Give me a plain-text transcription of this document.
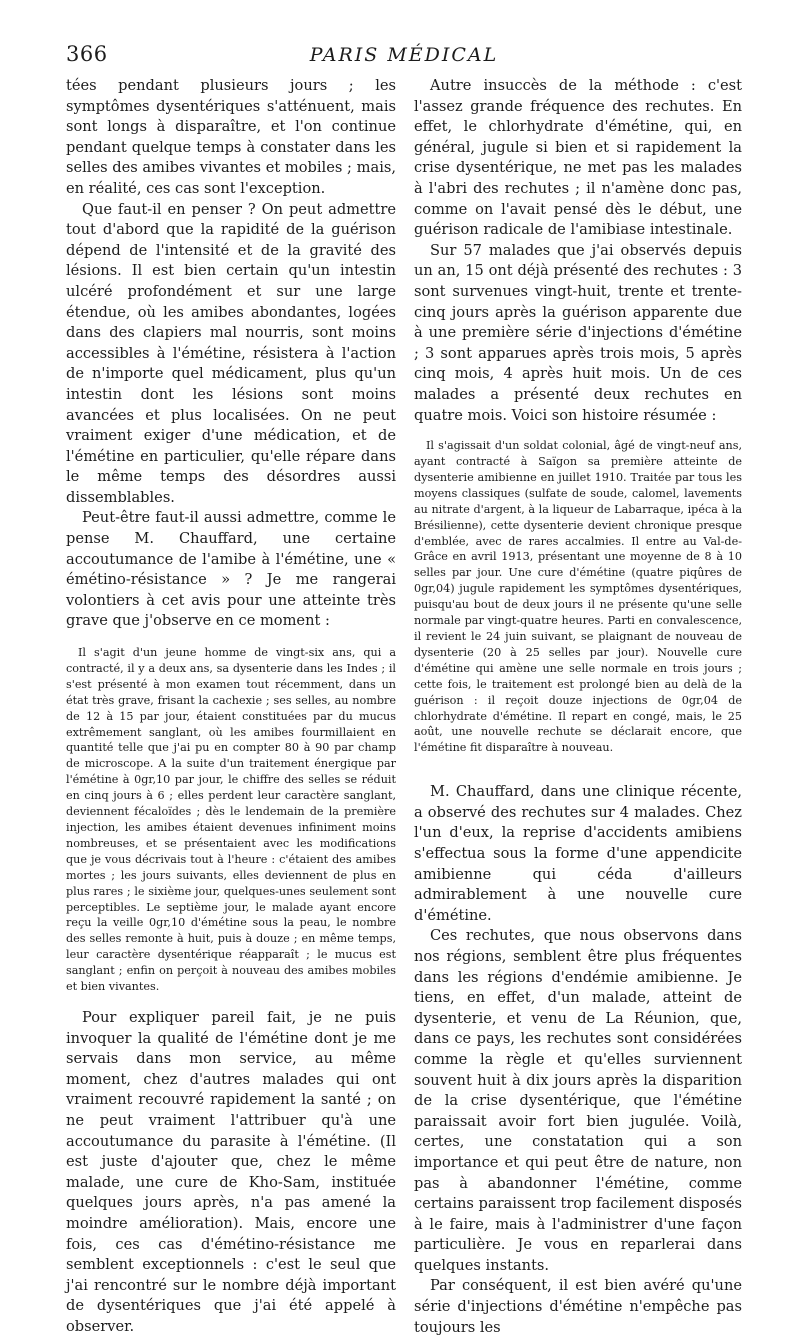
366	PARIS MÉDICAL

tées pendant plusieurs jours ; les symptômes dysentériques s'atténuent, mais sont longs à disparaître, et l'on continue pendant quelque temps à constater dans les selles des amibes vivantes et mobiles ; mais, en réalité, ces cas sont l'exception.

Que faut-il en penser ? On peut admettre tout d'abord que la rapidité de la guérison dépend de l'intensité et de la gravité des lésions. Il est bien certain qu'un intestin ulcéré profondément et sur une large étendue, où les amibes abondantes, logées dans des clapiers mal nourris, sont moins accessibles à l'émétine, résistera à l'action de n'importe quel médicament, plus qu'un intestin dont les lésions sont moins avancées et plus localisées. On ne peut vraiment exiger d'une médication, et de l'émétine en particulier, qu'elle répare dans le même temps des désordres aussi dissemblables.

Peut-être faut-il aussi admettre, comme le pense M. Chauffard, une certaine accoutumance de l'amibe à l'émétine, une « émétino-résistance » ? Je me rangerai volontiers à cet avis pour une atteinte très grave que j'observe en ce moment :

Il s'agit d'un jeune homme de vingt-six ans, qui a contracté, il y a deux ans, sa dysenterie dans les Indes ; il s'est présenté à mon examen tout récemment, dans un état très grave, frisant la cachexie ; ses selles, au nombre de 12 à 15 par jour, étaient constituées par du mucus extrêmement sanglant, où les amibes fourmillaient en quantité telle que j'ai pu en compter 80 à 90 par champ de microscope. A la suite d'un traitement énergique par l'émétine à 0gr,10 par jour, le chiffre des selles se réduit en cinq jours à 6 ; elles perdent leur caractère sanglant, deviennent fécaloïdes ; dès le lendemain de la première injection, les amibes étaient devenues infiniment moins nombreuses, et se présentaient avec les modifications que je vous décrivais tout à l'heure : c'étaient des amibes mortes ; les jours suivants, elles deviennent de plus en plus rares ; le sixième jour, quelques-unes seulement sont perceptibles. Le septième jour, le malade ayant encore reçu la veille 0gr,10 d'émétine sous la peau, le nombre des selles remonte à huit, puis à douze ; en même temps, leur caractère dysentérique réapparaît ; le mucus est sanglant ; enfin on perçoit à nouveau des amibes mobiles et bien vivantes.

Pour expliquer pareil fait, je ne puis invoquer la qualité de l'émétine dont je me servais dans mon service, au même moment, chez d'autres malades qui ont vraiment recouvré rapidement la santé ; on ne peut vraiment l'attribuer qu'à une accoutumance du parasite à l'émétine. (Il est juste d'ajouter que, chez le même malade, une cure de Kho-Sam, instituée quelques jours après, n'a pas amené la moindre amélioration). Mais, encore une fois, ces cas d'émétino-résistance me semblent exceptionnels : c'est le seul que j'ai rencontré sur le nombre déjà important de dysentériques que j'ai été appelé à observer.

Autre insuccès de la méthode : c'est l'assez grande fréquence des rechutes. En effet, le chlorhydrate d'émétine, qui, en général, jugule si bien et si rapidement la crise dysentérique, ne met pas les malades à l'abri des rechutes ; il n'amène donc pas, comme on l'avait pensé dès le début, une guérison radicale de l'amibiase intestinale.

Sur 57 malades que j'ai observés depuis un an, 15 ont déjà présenté des rechutes : 3 sont survenues vingt-huit, trente et trente-cinq jours après la guérison apparente due à une première série d'injections d'émétine ; 3 sont apparues après trois mois, 5 après cinq mois, 4 après huit mois. Un de ces malades a présenté deux rechutes en quatre mois. Voici son histoire résumée :

Il s'agissait d'un soldat colonial, âgé de vingt-neuf ans, ayant contracté à Saïgon sa première atteinte de dysenterie amibienne en juillet 1910. Traitée par tous les moyens classiques (sulfate de soude, calomel, lavements au nitrate d'argent, à la liqueur de Labarraque, ipéca à la Brésilienne), cette dysenterie devient chronique presque d'emblée, avec de rares accalmies. Il entre au Val-de-Grâce en avril 1913, présentant une moyenne de 8 à 10 selles par jour. Une cure d'émétine (quatre piqûres de 0gr,04) jugule rapidement les symptômes dysentériques, puisqu'au bout de deux jours il ne présente qu'une selle normale par vingt-quatre heures. Parti en convalescence, il revient le 24 juin suivant, se plaignant de nouveau de dysenterie (20 à 25 selles par jour). Nouvelle cure d'émétine qui amène une selle normale en trois jours ; cette fois, le traitement est prolongé bien au delà de la guérison : il reçoit douze injections de 0gr,04 de chlorhydrate d'émétine. Il repart en congé, mais, le 25 août, une nouvelle rechute se déclarait encore, que l'émétine fit disparaître à nouveau.

M. Chauffard, dans une clinique récente, a observé des rechutes sur 4 malades. Chez l'un d'eux, la reprise d'accidents amibiens s'effectua sous la forme d'une appendicite amibienne qui céda d'ailleurs admirablement à une nouvelle cure d'émétine.

Ces rechutes, que nous observons dans nos régions, semblent être plus fréquentes dans les régions d'endémie amibienne. Je tiens, en effet, d'un malade, atteint de dysenterie, et venu de La Réunion, que, dans ce pays, les rechutes sont considérées comme la règle et qu'elles surviennent souvent huit à dix jours après la disparition de la crise dysentérique, que l'émétine paraissait avoir fort bien jugulée. Voilà, certes, une constatation qui a son importance et qui peut être de nature, non pas à abandonner l'émétine, comme certains paraissent trop facilement disposés à le faire, mais à l'administrer d'une façon particulière. Je vous en reparlerai dans quelques instants.

Par conséquent, il est bien avéré qu'une série d'injections d'émétine n'empêche pas toujours les
